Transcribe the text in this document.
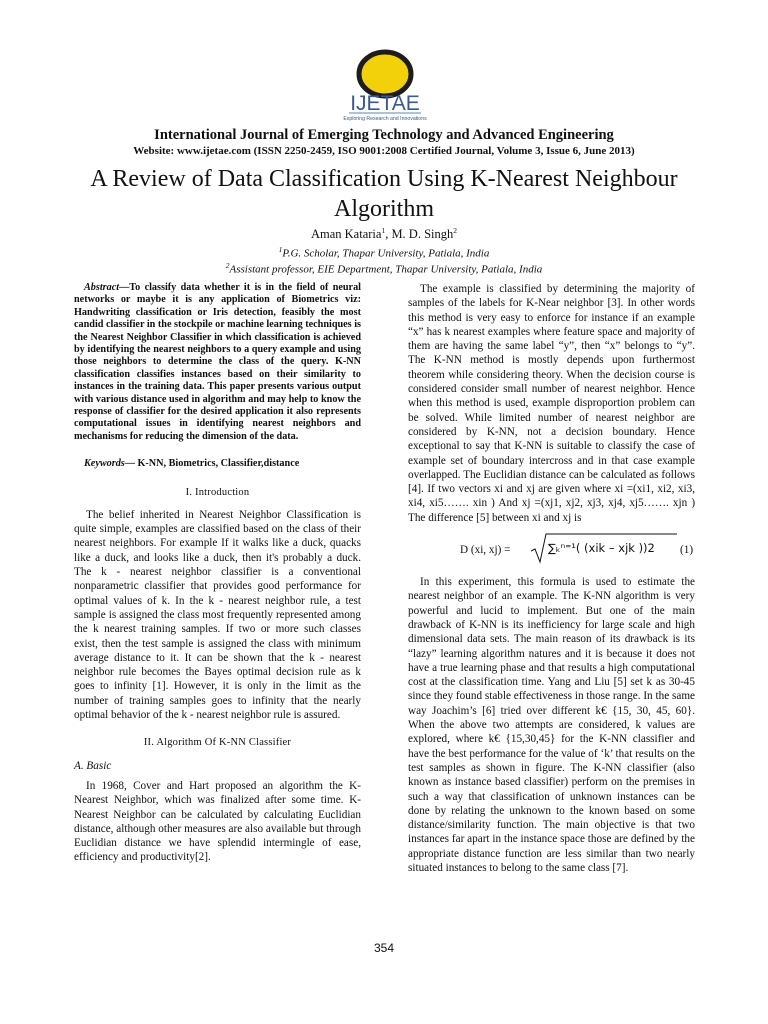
IJETAE
Exploring Research and Innovations
International Journal of Emerging Technology and Advanced Engineering
Website: www.ijetae.com (ISSN 2250-2459, ISO 9001:2008 Certified Journal, Volume 3, Issue 6, June 2013)
A Review of Data Classification Using K-Nearest Neighbour Algorithm
Aman Kataria$^1$, M. D. Singh$^2$
$^1$P.G. Scholar, Thapar University, Patiala, India
$^2$Assistant professor, EIE Department, Thapar University, Patiala, India

Abstract—To classify data whether it is in the field of neural networks or maybe it is any application of Biometrics viz: Handwriting classification or Iris detection, feasibly the most candid classifier in the stockpile or machine learning techniques is the Nearest Neighbor Classifier in which classification is achieved by identifying the nearest neighbors to a query example and using those neighbors to determine the class of the query. K-NN classification classifies instances based on their similarity to instances in the training data. This paper presents various output with various distance used in algorithm and may help to know the response of classifier for the desired application it also represents computational issues in identifying nearest neighbors and mechanisms for reducing the dimension of the data.

Keywords— K-NN, Biometrics, Classifier,distance

I. Introduction

The belief inherited in Nearest Neighbor Classification is quite simple, examples are classified based on the class of their nearest neighbors. For example If it walks like a duck, quacks like a duck, and looks like a duck, then it's probably a duck. The k - nearest neighbor classifier is a conventional nonparametric classifier that provides good performance for optimal values of k. In the k - nearest neighbor rule, a test sample is assigned the class most frequently represented among the k nearest training samples. If two or more such classes exist, then the test sample is assigned the class with minimum average distance to it. It can be shown that the k - nearest neighbor rule becomes the Bayes optimal decision rule as k goes to infinity [1]. However, it is only in the limit as the number of training samples goes to infinity that the nearly optimal behavior of the k - nearest neighbor rule is assured.

II. Algorithm Of K-NN Classifier

A. Basic

In 1968, Cover and Hart proposed an algorithm the K-Nearest Neighbor, which was finalized after some time. K-Nearest Neighbor can be calculated by calculating Euclidian distance, although other measures are also available but through Euclidian distance we have splendid intermingle of ease, efficiency and productivity[2].

The example is classified by determining the majority of samples of the labels for K-Near neighbor [3]. In other words this method is very easy to enforce for instance if an example “x” has k nearest examples where feature space and majority of them are having the same label “y”, then “x” belongs to “y”. The K-NN method is mostly depends upon furthermost theorem while considering theory. When the decision course is considered consider small number of nearest neighbor. Hence when this method is used, example disproportion problem can be solved. While limited number of nearest neighbor are considered by K-NN, not a decision boundary. Hence exceptional to say that K-NN is suitable to classify the case of example set of boundary intercross and in that case example overlapped. The Euclidian distance can be calculated as follows [4]. If two vectors xi and xj are given where xi =(xi1, xi2, xi3, xi4, xi5……. xin ) And xj =(xj1, xj2, xj3, xj4, xj5……. xjn ) The difference [5] between xi and xj is

D (xi, xj) =	∑ₖⁿ⁼¹( (xik – xjk ))2 (1)

In this experiment, this formula is used to estimate the nearest neighbor of an example. The K-NN algorithm is very powerful and lucid to implement. But one of the main drawback of K-NN is its inefficiency for large scale and high dimensional data sets. The main reason of its drawback is its “lazy” learning algorithm natures and it is because it does not have a true learning phase and that results a high computational cost at the classification time. Yang and Liu [5] set k as 30-45 since they found stable effectiveness in those range. In the same way Joachim’s [6] tried over different k€ {15, 30, 45, 60}. When the above two attempts are considered, k values are explored, where k€ {15,30,45} for the K-NN classifier and have the best performance for the value of ‘k’ that results on the test samples as shown in figure. The K-NN classifier (also known as instance based classifier) perform on the premises in such a way that classification of unknown instances can be done by relating the unknown to the known based on some distance/similarity function. The main objective is that two instances far apart in the instance space those are defined by the appropriate distance function are less similar than two nearly situated instances to belong to the same class [7].

354
